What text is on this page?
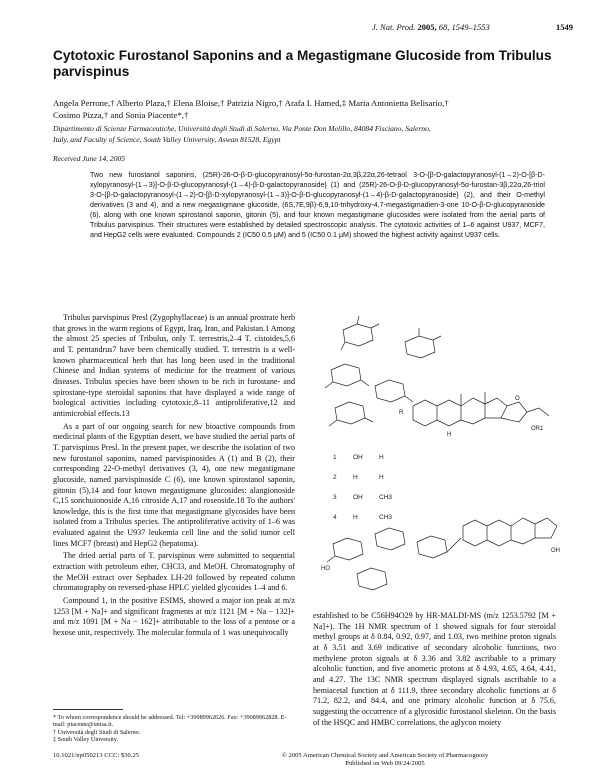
J. Nat. Prod. 2005, 68, 1549–1553	1549
Cytotoxic Furostanol Saponins and a Megastigmane Glucoside from Tribulus parvispinus
Angela Perrone,† Alberto Plaza,† Elena Bloise,† Patrizia Nigro,† Arafa I. Hamed,‡ Maria Antonietta Belisario,†
Cosimo Pizza,† and Sonia Piacente*,†
Dipartimento di Scienze Farmaceutiche, Università degli Studi di Salerno, Via Ponte Don Melillo, 84084 Fisciano, Salerno,
Italy, and Faculty of Science, South Valley University, Aswan 81528, Egypt
Received June 14, 2005
Two new furostanol saponins, (25R)-26-O-β-D-glucopyranosyl-5α-furostan-2α,3β,22α,26-tetraol 3-O-{β-D-galactopyranosyl-(1→2)-O-[β-D-xylopyranosyl-(1→3)]-O-β-D-glucopyranosyl-(1→4)-β-D-galactopyranoside} (1) and (25R)-26-O-β-D-glucopyranosyl-5α-furostan-3β,22α,26-triol 3-O-{β-D-galactopyranosyl-(1→2)-O-[β-D-xylopyranosyl-(1→3)]-O-β-D-glucopyranosyl-(1→4)-β-D-galactopyranoside} (2), and their O-methyl derivatives (3 and 4), and a new megastigmane glucoside, (6S,7E,9β)-6,9,10-trihydroxy-4,7-megastigmadien-3-one 10-O-β-D-glucopyranoside (6), along with one known spirostanol saponin, gitonin (5), and four known megastigmane glucosides were isolated from the aerial parts of Tribulus parvispinus. Their structures were established by detailed spectroscopic analysis. The cytotoxic activities of 1–6 against U937, MCF7, and HepG2 cells were evaluated. Compounds 2 (IC50 0.5 μM) and 5 (IC50 0.1 μM) showed the highest activity against U937 cells.

Tribulus parvispinus Presl (Zygophyllaceae) is an annual prostrate herb that grows in the warm regions of Egypt, Iraq, Iran, and Pakistan.1 Among the almost 25 species of Tribulus, only T. terrestris,2–4 T. cistoides,5,6 and T. pentandrus7 have been chemically studied. T. terrestris is a well-known pharmaceutical herb that has long been used in the traditional Chinese and Indian systems of medicine for the treatment of various diseases. Tribulus species have been shown to be rich in furostane- and spirostane-type steroidal saponins that have displayed a wide range of biological activities including cytotoxic,8–11 antiproliferative,12 and antimicrobial effects.13

As a part of our ongoing search for new bioactive compounds from medicinal plants of the Egyptian desert, we have studied the aerial parts of T. parvispinus Presl. In the present paper, we describe the isolation of two new furostanol saponins, named parvispinosides A (1) and B (2), their corresponding 22-O-methyl derivatives (3, 4), one new megastigmane glucoside, named parvispinoside C (6), one known spirostanol saponin, gitonin (5),14 and four known megastigmane glucosides: alangionoside C,15 sonchuionoside A,16 citroside A,17 and roseoside.18 To the authors' knowledge, this is the first time that megastigmane glycosides have been isolated from a Tribulus species. The antiproliferative activity of 1–6 was evaluated against the U937 leukemia cell line and the solid tumor cell lines MCF7 (breast) and HepG2 (hepatoma).

The dried aerial parts of T. parvispinus were submitted to sequential extraction with petroleum ether, CHCl3, and MeOH. Chromatography of the MeOH extract over Sephadex LH-20 followed by repeated column chromatography on reversed-phase HPLC yielded glycosides 1–4 and 6.

Compound 1, in the positive ESIMS, showed a major ion peak at m/z 1253 [M + Na]+ and significant fragments at m/z 1121 [M + Na − 132]+ and m/z 1091 [M + Na − 162]+ attributable to the loss of a pentose or a hexose unit, respectively. The molecular formula of 1 was unequivocally

established to be C56H94O29 by HR-MALDI-MS (m/z 1253.5792 [M + Na]+). The 1H NMR spectrum of 1 showed signals for four steroidal methyl groups at δ 0.84, 0.92, 0.97, and 1.03, two methine proton signals at δ 3.51 and 3.69 indicative of secondary alcoholic functions, two methylene proton signals at δ 3.36 and 3.82 ascribable to a primary alcoholic function, and five anomeric protons at δ 4.93, 4.65, 4.64, 4.41, and 4.27. The 13C NMR spectrum displayed signals ascribable to a hemiacetal function at δ 111.9, three secondary alcoholic functions at δ 71.2, 82.2, and 84.4, and one primary alcoholic function at δ 75.6, suggesting the occurrence of a glycosidic furostanol skeleton. On the basis of the HSQC and HMBC correlations, the aglycon moiety
* To whom correspondence should be addressed. Tel: +39089962626. Fax: +39089962828. E-mail: piacente@unisa.it.
† Università degli Studi di Salerno.
‡ South Valley University.
10.1021/np050213 CCC: $30.25	© 2005 American Chemical Society and American Society of Pharmacognosy
Published on Web 09/24/2005
O
OR1
R
H
1	OH	H
2	H	H
3	OH	CH3
4	H	CH3
HO
OH
